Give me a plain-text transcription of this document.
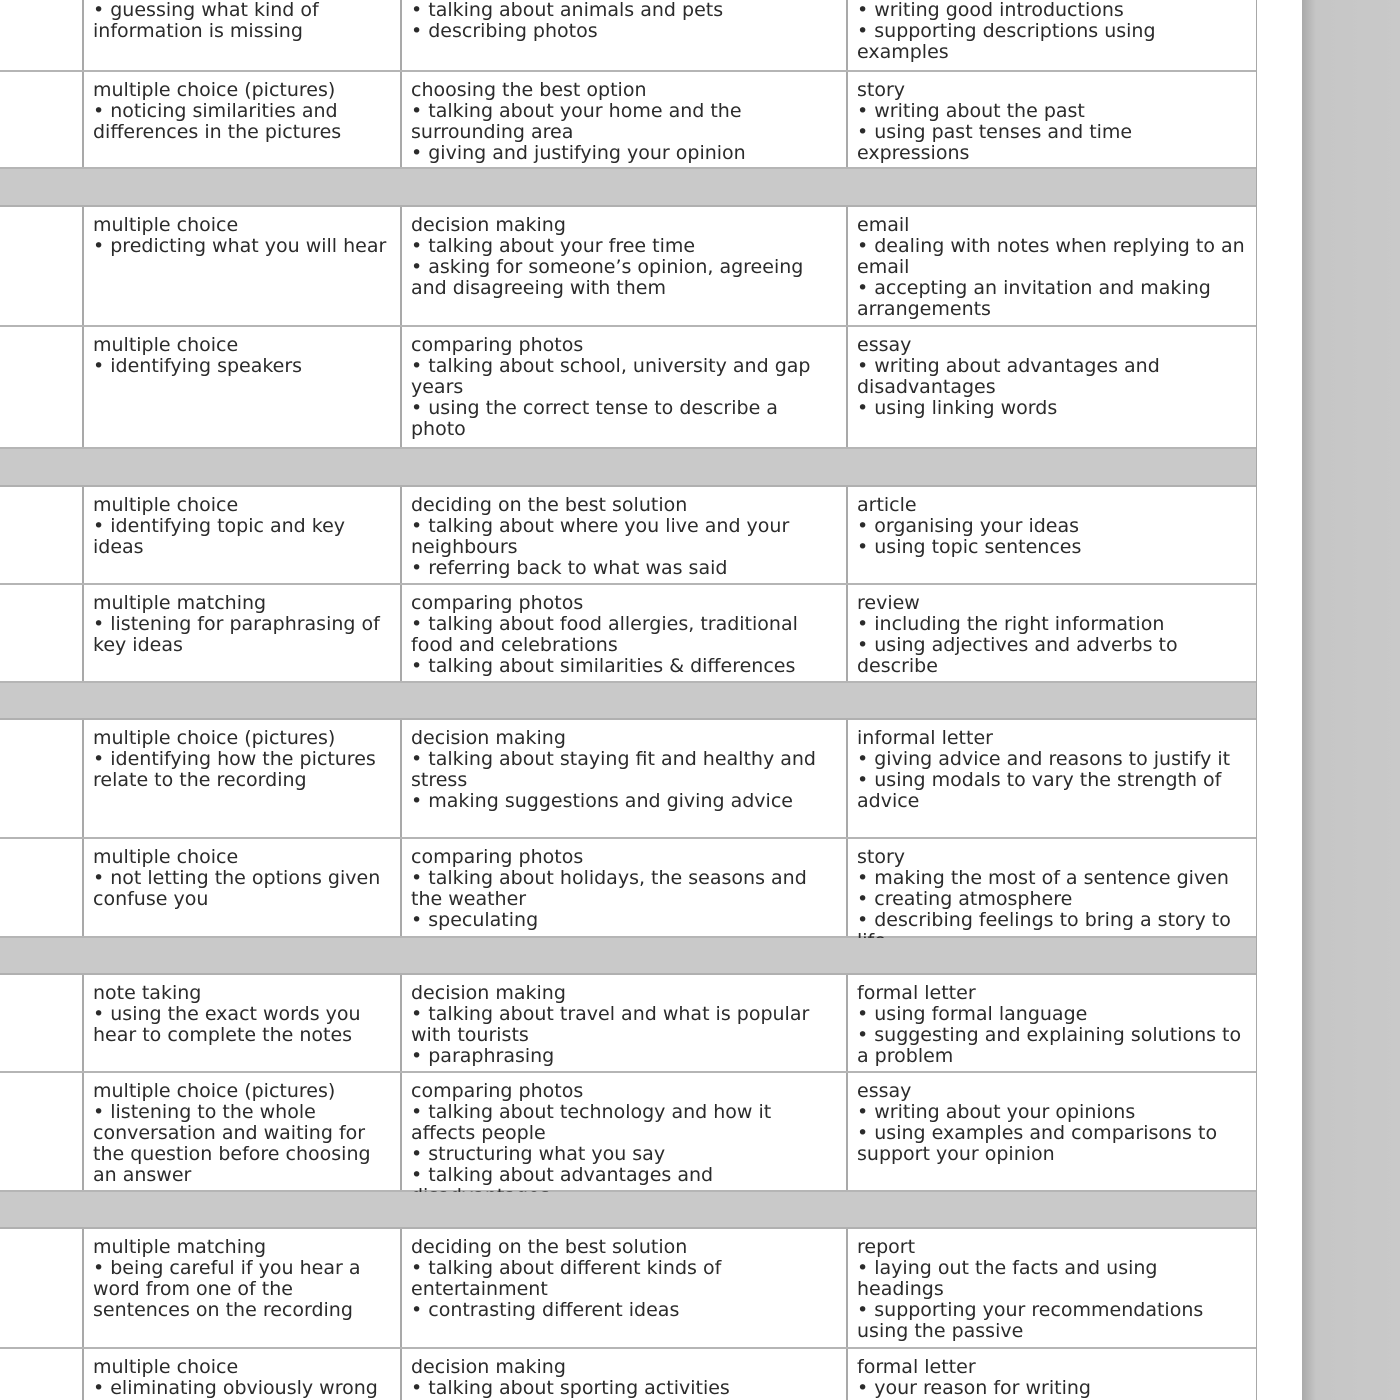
• guessing what kind of information is missing
• talking about animals and pets
• describing photos
• writing good introductions
• supporting descriptions using examples
multiple choice (pictures)
• noticing similarities and differences in the pictures
choosing the best option
• talking about your home and the surrounding area
• giving and justifying your opinion
story
• writing about the past
• using past tenses and time expressions
multiple choice
• predicting what you will hear
decision making
• talking about your free time
• asking for someone’s opinion, agreeing and disagreeing with them
email
• dealing with notes when replying to an email
• accepting an invitation and making arrangements
multiple choice
• identifying speakers
comparing photos
• talking about school, university and gap years
• using the correct tense to describe a photo
essay
• writing about advantages and disadvantages
• using linking words
multiple choice
• identifying topic and key ideas
deciding on the best solution
• talking about where you live and your neighbours
• referring back to what was said
article
• organising your ideas
• using topic sentences
multiple matching
• listening for paraphrasing of key ideas
comparing photos
• talking about food allergies, traditional food and celebrations
• talking about similarities & differences
review
• including the right information
• using adjectives and adverbs to describe
multiple choice (pictures)
• identifying how the pictures relate to the recording
decision making
• talking about staying fit and healthy and stress
• making suggestions and giving advice
informal letter
• giving advice and reasons to justify it
• using modals to vary the strength of advice
multiple choice
• not letting the options given confuse you
comparing photos
• talking about holidays, the seasons and the weather
• speculating
story
• making the most of a sentence given
• creating atmosphere
• describing feelings to bring a story to
note taking
• using the exact words you hear to complete the notes
decision making
• talking about travel and what is popular with tourists
• paraphrasing
formal letter
• using formal language
• suggesting and explaining solutions to a problem
multiple choice (pictures)
• listening to the whole conversation and waiting for the question before choosing an answer
comparing photos
• talking about technology and how it affects people
• structuring what you say
• talking about advantages and
essay
• writing about your opinions
• using examples and comparisons to support your opinion
multiple matching
• being careful if you hear a word from one of the sentences on the recording
deciding on the best solution
• talking about different kinds of entertainment
• contrasting different ideas
report
• laying out the facts and using headings
• supporting your recommendations using the passive
multiple choice
• eliminating obviously wrong
decision making
• talking about sporting activities
formal letter
• your reason for writing
